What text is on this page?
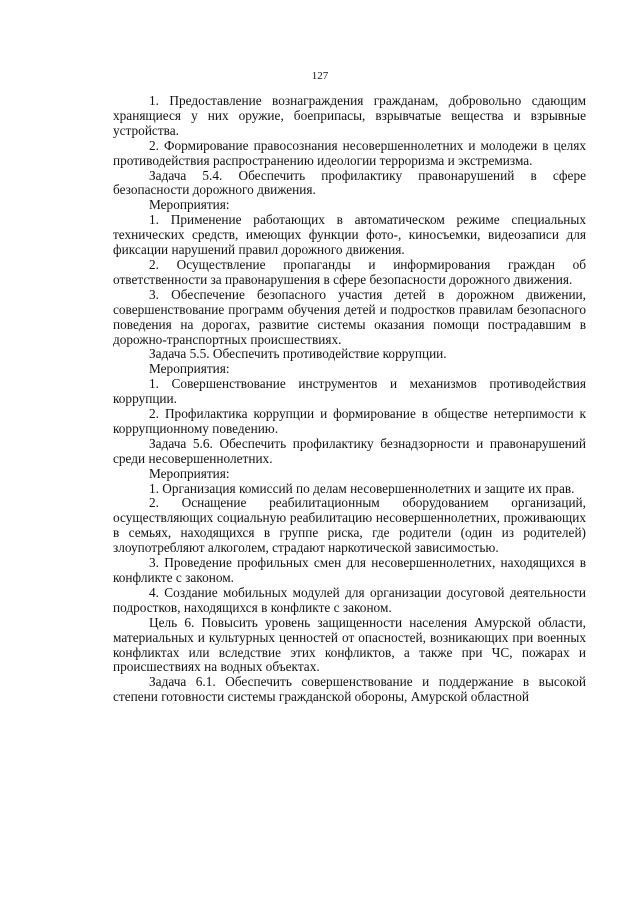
127

1. Предоставление вознаграждения гражданам, добровольно сдающим хранящиеся у них оружие, боеприпасы, взрывчатые вещества и взрывные устройства.

2. Формирование правосознания несовершеннолетних и молодежи в целях противодействия распространению идеологии терроризма и экстремизма.

Задача 5.4. Обеспечить профилактику правонарушений в сфере безопасности дорожного движения.

Мероприятия:

1. Применение работающих в автоматическом режиме специальных технических средств, имеющих функции фото-, киносъемки, видеозаписи для фиксации нарушений правил дорожного движения.

2. Осуществление пропаганды и информирования граждан об ответственности за правонарушения в сфере безопасности дорожного движения.

3. Обеспечение безопасного участия детей в дорожном движении, совершенствование программ обучения детей и подростков правилам безопасного поведения на дорогах, развитие системы оказания помощи пострадавшим в дорожно-транспортных происшествиях.

Задача 5.5. Обеспечить противодействие коррупции.

Мероприятия:

1. Совершенствование инструментов и механизмов противодействия коррупции.

2. Профилактика коррупции и формирование в обществе нетерпимости к коррупционному поведению.

Задача 5.6. Обеспечить профилактику безнадзорности и правонарушений среди несовершеннолетних.

Мероприятия:

1. Организация комиссий по делам несовершеннолетних и защите их прав.

2. Оснащение реабилитационным оборудованием организаций, осуществляющих социальную реабилитацию несовершеннолетних, проживающих в семьях, находящихся в группе риска, где родители (один из родителей) злоупотребляют алкоголем, страдают наркотической зависимостью.

3. Проведение профильных смен для несовершеннолетних, находящихся в конфликте с законом.

4. Создание мобильных модулей для организации досуговой деятельности подростков, находящихся в конфликте с законом.

Цель 6. Повысить уровень защищенности населения Амурской области, материальных и культурных ценностей от опасностей, возникающих при военных конфликтах или вследствие этих конфликтов, а также при ЧС, пожарах и происшествиях на водных объектах.

Задача 6.1. Обеспечить совершенствование и поддержание в высокой степени готовности системы гражданской обороны, Амурской областной
